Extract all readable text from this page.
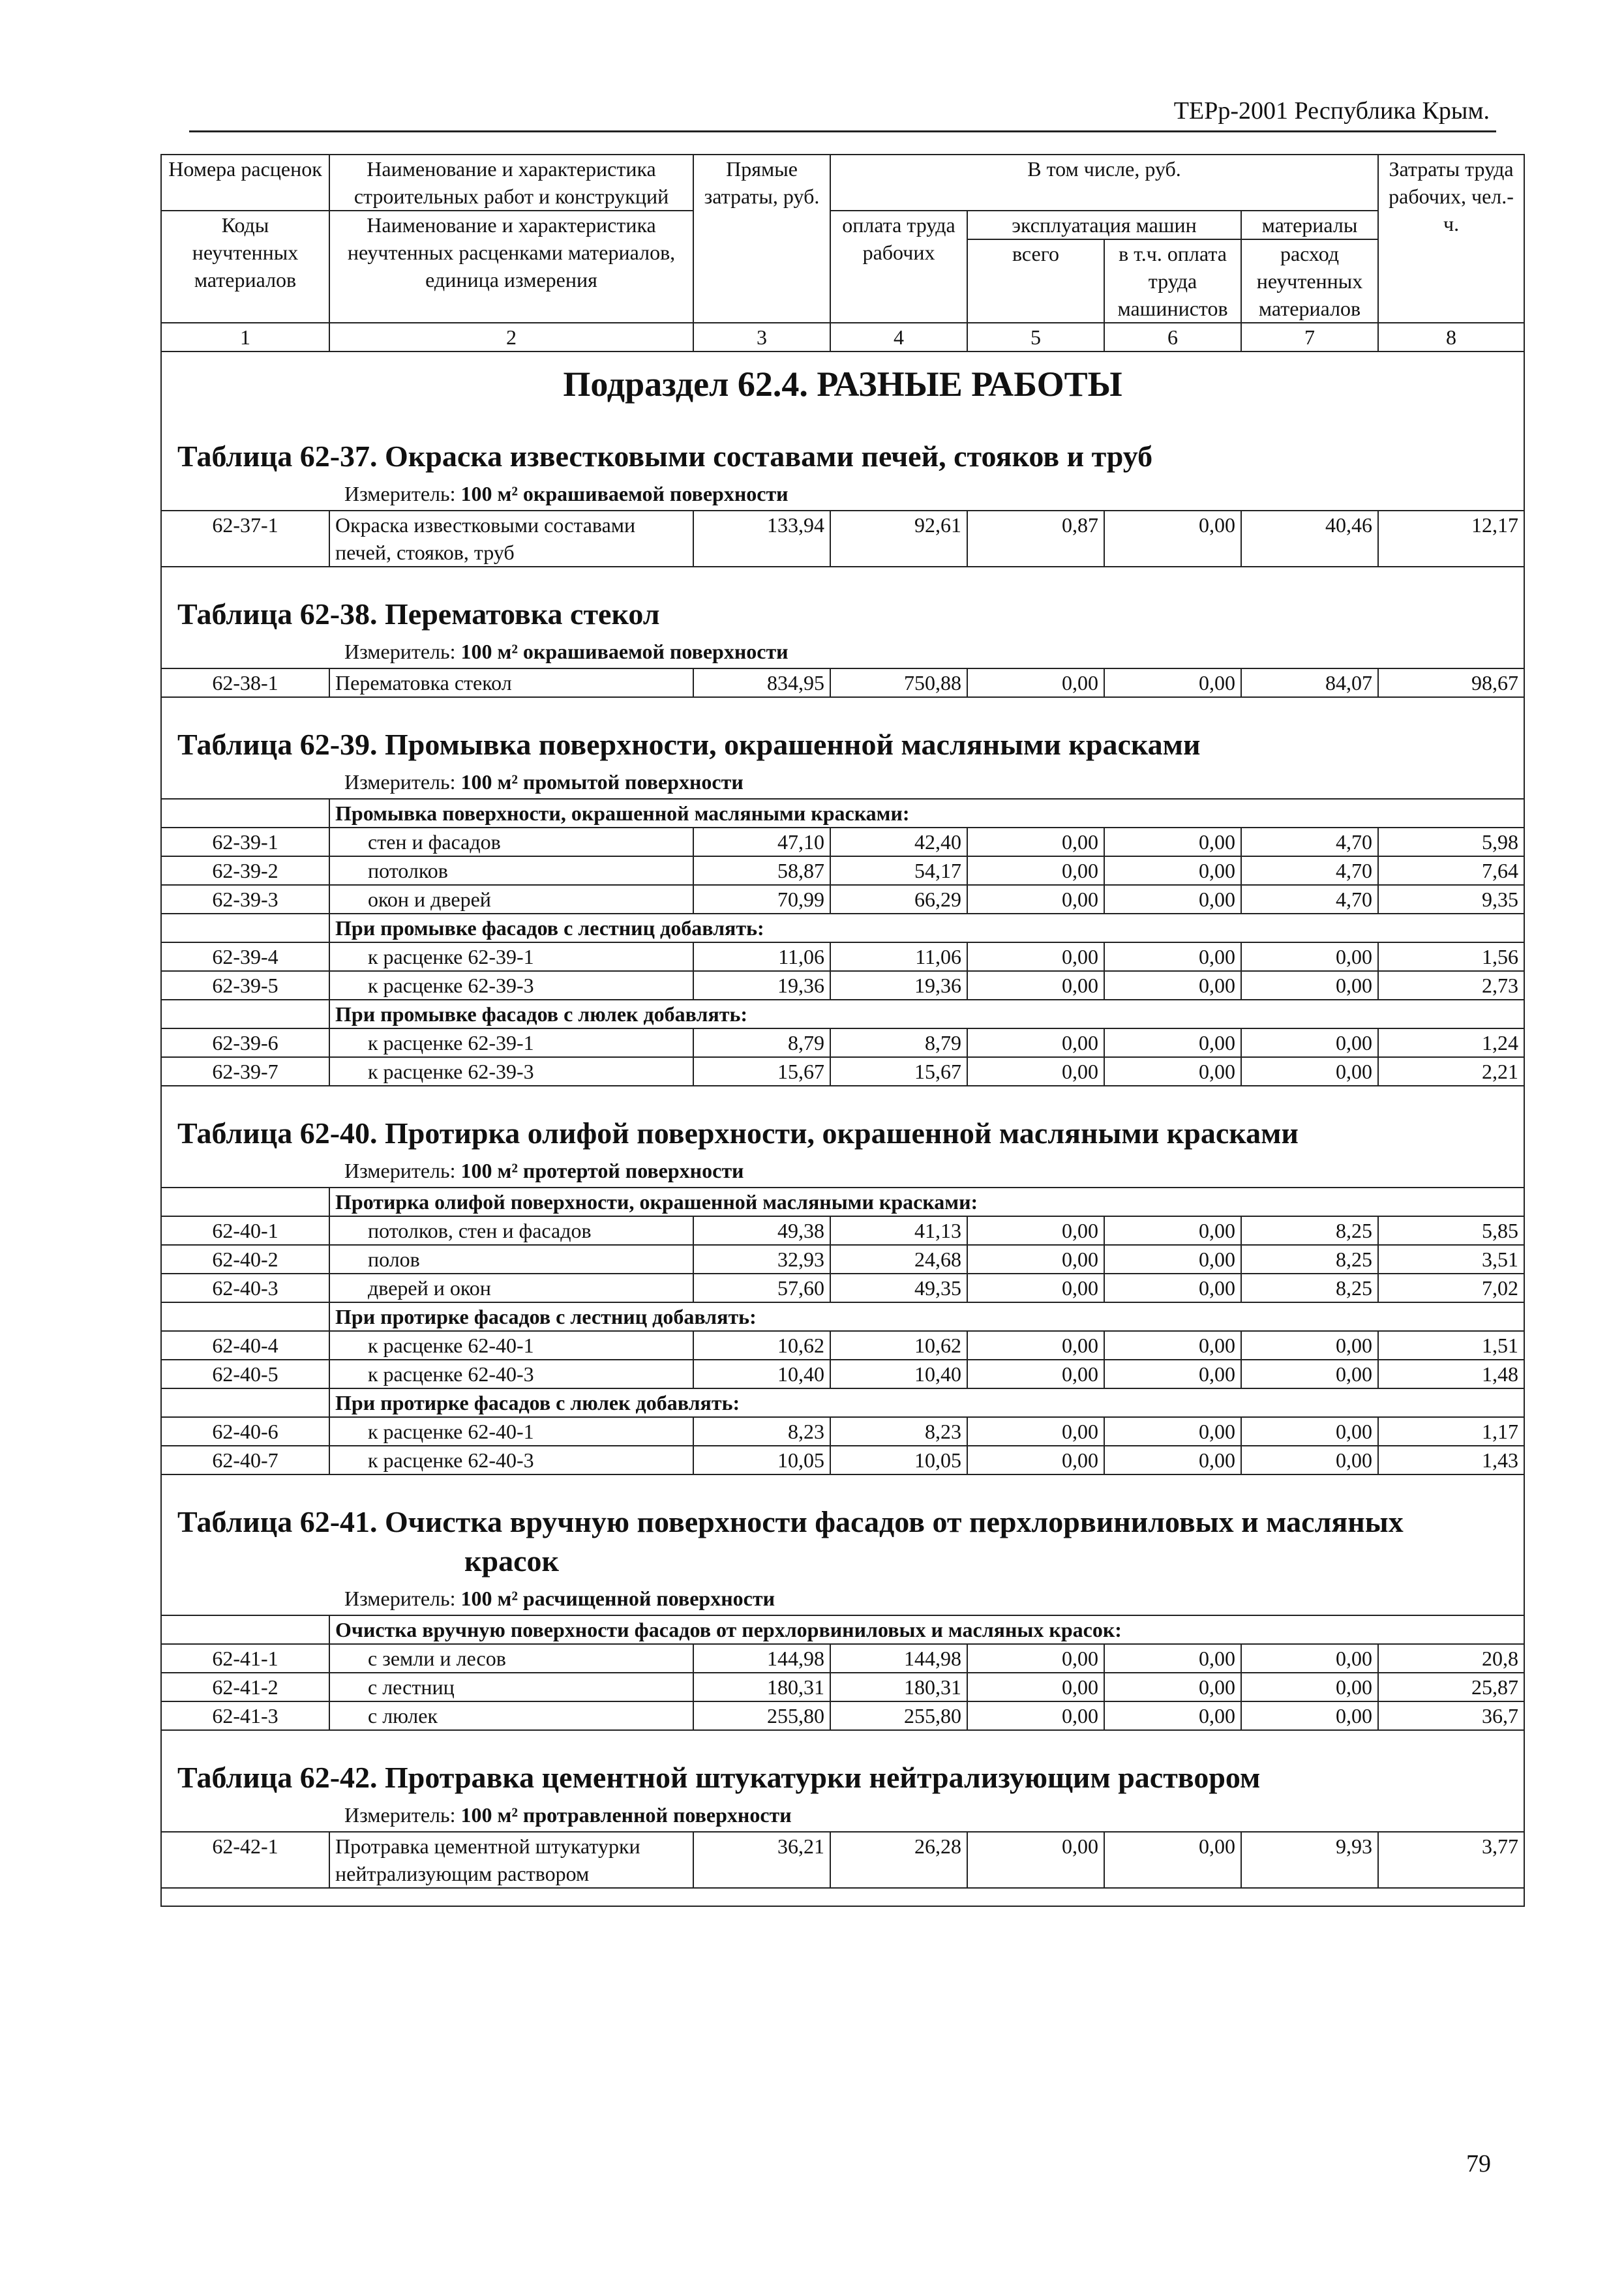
ТЕРр-2001 Республика Крым.
Номера расценок	Наименование и характеристика строительных работ и конструкций	Прямые затраты, руб.	В том числе, руб.				Затраты труда рабочих, чел.-ч.
Коды неучтенных материалов	Наименование и характеристика неучтенных расценками материалов, единица измерения		оплата труда рабочих	эксплуатация машин		материалы	
				всего	в т.ч. оплата труда машинистов	расход неучтенных материалов	
1	2	3	4	5	6	7	8

Подраздел 62.4. РАЗНЫЕ РАБОТЫ							

Таблица 62-37. Окраска известковыми составами печей, стояков и труб
Измеритель: 100 м² окрашиваемой поверхности							

62-37-1	Окраска известковыми составами печей, стояков, труб	133,94	92,61	0,87	0,00	40,46	12,17

Таблица 62-38. Перематовка стекол
Измеритель: 100 м² окрашиваемой поверхности							

62-38-1	Перематовка стекол	834,95	750,88	0,00	0,00	84,07	98,67

Таблица 62-39. Промывка поверхности, окрашенной масляными красками
Измеритель: 100 м² промытой поверхности							

	Промывка поверхности, окрашенной масляными красками:						
62-39-1	стен и фасадов	47,10	42,40	0,00	0,00	4,70	5,98
62-39-2	потолков	58,87	54,17	0,00	0,00	4,70	7,64
62-39-3	окон и дверей	70,99	66,29	0,00	0,00	4,70	9,35
	При промывке фасадов с лестниц добавлять:						
62-39-4	к расценке 62-39-1	11,06	11,06	0,00	0,00	0,00	1,56
62-39-5	к расценке 62-39-3	19,36	19,36	0,00	0,00	0,00	2,73
	При промывке фасадов с люлек добавлять:						
62-39-6	к расценке 62-39-1	8,79	8,79	0,00	0,00	0,00	1,24
62-39-7	к расценке 62-39-3	15,67	15,67	0,00	0,00	0,00	2,21

Таблица 62-40. Протирка олифой поверхности, окрашенной масляными красками
Измеритель: 100 м² протертой поверхности							

	Протирка олифой поверхности, окрашенной масляными красками:						
62-40-1	потолков, стен и фасадов	49,38	41,13	0,00	0,00	8,25	5,85
62-40-2	полов	32,93	24,68	0,00	0,00	8,25	3,51
62-40-3	дверей и окон	57,60	49,35	0,00	0,00	8,25	7,02
	При протирке фасадов с лестниц добавлять:						
62-40-4	к расценке 62-40-1	10,62	10,62	0,00	0,00	0,00	1,51
62-40-5	к расценке 62-40-3	10,40	10,40	0,00	0,00	0,00	1,48
	При протирке фасадов с люлек добавлять:						
62-40-6	к расценке 62-40-1	8,23	8,23	0,00	0,00	0,00	1,17
62-40-7	к расценке 62-40-3	10,05	10,05	0,00	0,00	0,00	1,43

Таблица 62-41. Очистка вручную поверхности фасадов от перхлорвиниловых и масляных
красок
Измеритель: 100 м² расчищенной поверхности							

	Очистка вручную поверхности фасадов от перхлорвиниловых и масляных красок:						
62-41-1	с земли и лесов	144,98	144,98	0,00	0,00	0,00	20,8
62-41-2	с лестниц	180,31	180,31	0,00	0,00	0,00	25,87
62-41-3	с люлек	255,80	255,80	0,00	0,00	0,00	36,7

Таблица 62-42. Протравка цементной штукатурки нейтрализующим раствором
Измеритель: 100 м² протравленной поверхности							

62-42-1	Протравка цементной штукатурки нейтрализующим раствором	36,21	26,28	0,00	0,00	9,93	3,77

79
